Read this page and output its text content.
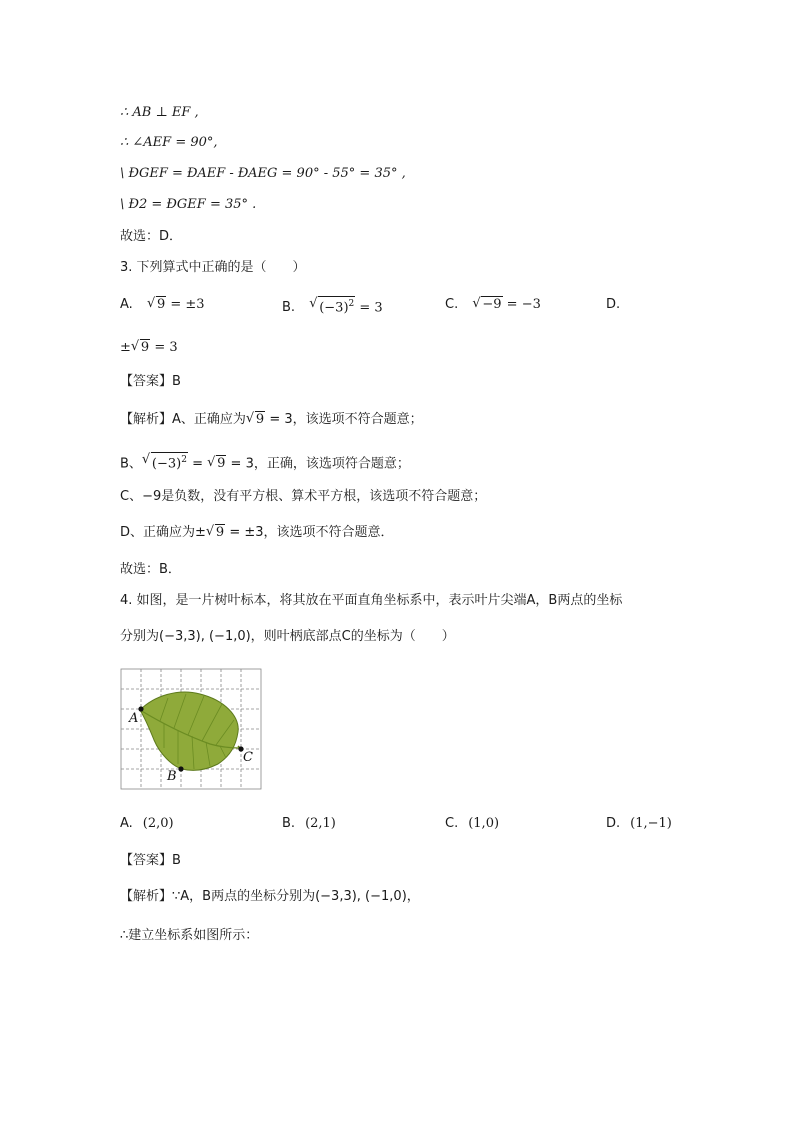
∴ AB ⊥ EF ,
∴ ∠AEF = 90°,
\ ÐGEF = ÐAEF - ÐAEG = 90° - 55° = 35° ,
\ Ð2 = ÐGEF = 35° .
故选：D．
3. 下列算式中正确的是（　　）
A. √ 9 = ±3	B. √ $(-3)^2 = 3$	C. √ −9 = −3	D.
± √ 9 = 3
【答案】B
【解析】A、正确应为 √ 9 = 3，该选项不符合题意；
B、 √ $(-3)^2$ = √ 9 = 3，正确，该选项符合题意；
C、−9是负数，没有平方根、算术平方根，该选项不符合题意；
D、正确应为± √ 9 = ±3，该选项不符合题意．
故选：B．
4. 如图，是一片树叶标本，将其放在平面直角坐标系中，表示叶片尖端A，B两点的坐标
分别为(−3,3), (−1,0)，则叶柄底部点C的坐标为（　　）
A
B
C
A. (2,0)	B. (2,1)	C. (1,0)	D. (1,−1)
【答案】B
【解析】∵A，B两点的坐标分别为(−3,3), (−1,0)，
∴建立坐标系如图所示：
